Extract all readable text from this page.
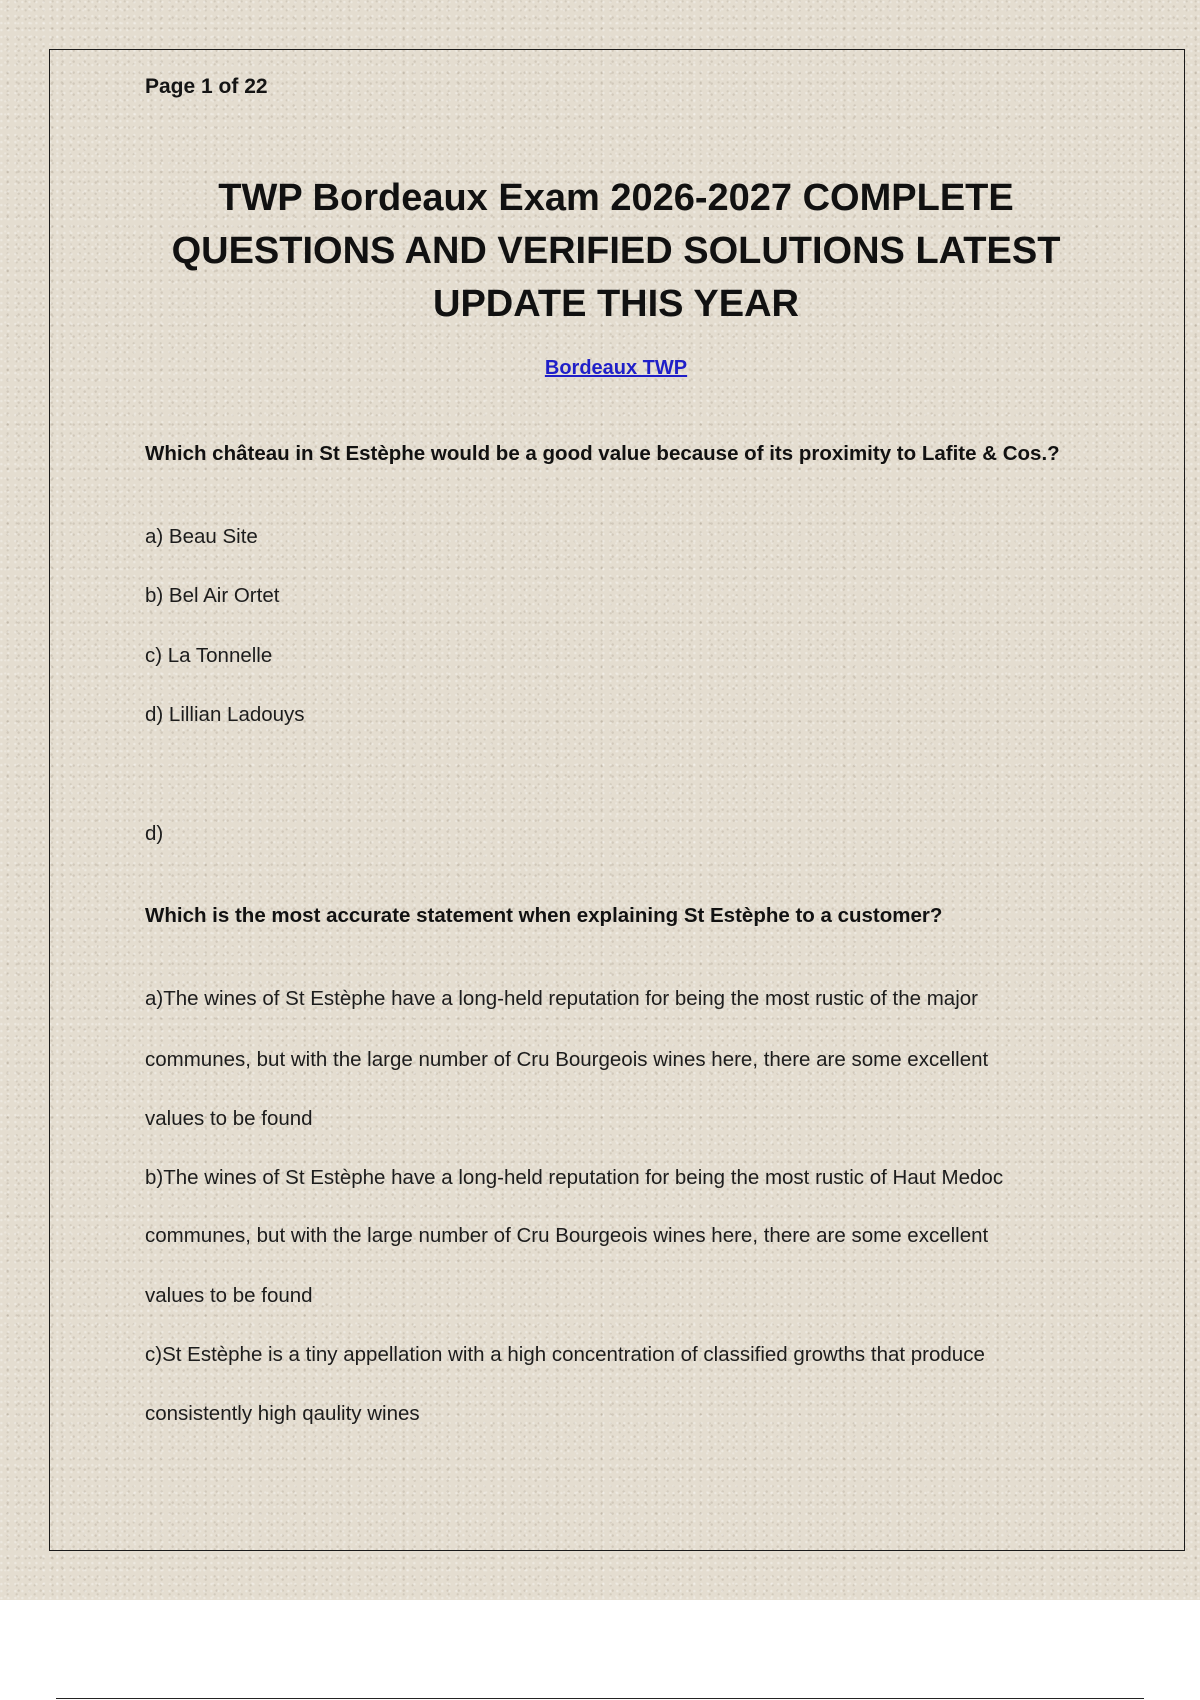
Page 1 of 22

TWP Bordeaux Exam 2026-2027 COMPLETE
QUESTIONS AND VERIFIED SOLUTIONS LATEST
UPDATE THIS YEAR

Bordeaux TWP

Which château in St Estèphe would be a good value because of its proximity to Lafite & Cos.?

a) Beau Site

b) Bel Air Ortet

c) La Tonnelle

d) Lillian Ladouys

d)

Which is the most accurate statement when explaining St Estèphe to a customer?

a)The wines of St Estèphe have a long-held reputation for being the most rustic of the major

communes, but with the large number of Cru Bourgeois wines here, there are some excellent

values to be found

b)The wines of St Estèphe have a long-held reputation for being the most rustic of Haut Medoc

communes, but with the large number of Cru Bourgeois wines here, there are some excellent

values to be found

c)St Estèphe is a tiny appellation with a high concentration of classified growths that produce

consistently high qaulity wines
